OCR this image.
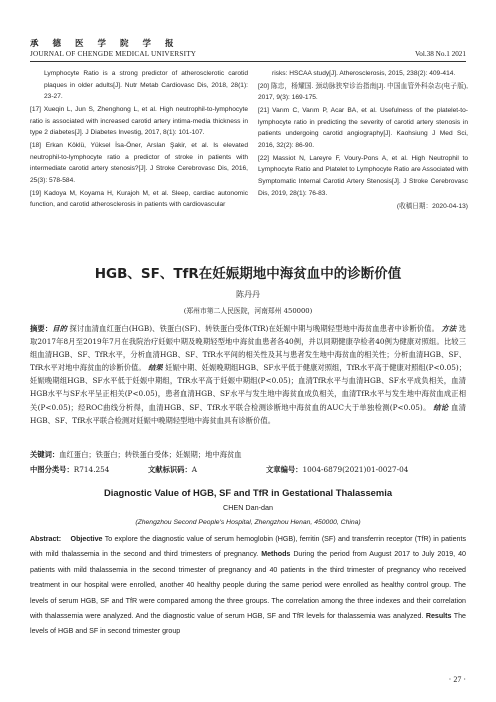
承德医学院学报
JOURNAL OF CHENGDE MEDICAL UNIVERSITY	Vol.38 No.1 2021

Lymphocyte Ratio is a strong predictor of atherosclerotic carotid plaques in older adults[J]. Nutr Metab Cardiovasc Dis, 2018, 28(1): 23-27.

[17] Xueqin L, Jun S, Zhenghong L, et al. High neutrophil-to-lymphocyte ratio is associated with increased carotid artery intima-media thickness in type 2 diabetes[J]. J Diabetes Investig, 2017, 8(1): 101-107.

[18] Erkan Köklü, Yüksel İsa-Öner, Arslan Şakir, et al. Is elevated neutrophil-to-lymphocyte ratio a predictor of stroke in patients with intermediate carotid artery stenosis?[J]. J Stroke Cerebrovasc Dis, 2016, 25(3): 578-584.

[19] Kadoya M, Koyama H, Kurajoh M, et al. Sleep, cardiac autonomic function, and carotid atherosclerosis in patients with cardiovascular

risks: HSCAA study[J]. Atherosclerosis, 2015, 238(2): 409-414.

[20] 陈忠，杨耀国. 颈动脉狭窄诊治指南[J]. 中国血管外科杂志(电子版), 2017, 9(3): 169-175.

[21] Varım C, Varım P, Acar BA, et al. Usefulness of the platelet-to-lymphocyte ratio in predicting the severity of carotid artery stenosis in patients undergoing carotid angiography[J]. Kaohsiung J Med Sci, 2016, 32(2): 86-90.

[22] Massiot N, Lareyre F, Voury-Pons A, et al. High Neutrophil to Lymphocyte Ratio and Platelet to Lymphocyte Ratio are Associated with Symptomatic Internal Carotid Artery Stenosis[J]. J Stroke Cerebrovasc Dis, 2019, 28(1): 76-83.

(收稿日期：2020-04-13)

HGB、SF、TfR在妊娠期地中海贫血中的诊断价值
陈丹丹
(郑州市第二人民医院，河南郑州 450000)
摘要：目的 探讨血清血红蛋白(HGB)、铁蛋白(SF)、转铁蛋白受体(TfR)在妊娠中期与晚期轻型地中海贫血患者中诊断价值。 方法 选取2017年8月至2019年7月在我院治疗妊娠中期及晚期轻型地中海贫血患者各40例，并以同期健康孕检者40例为健康对照组。比较三组血清HGB、SF、TfR水平，分析血清HGB、SF、TfR水平间的相关性及其与患者发生地中海贫血的相关性；分析血清HGB、SF、TfR水平对地中海贫血的诊断价值。 结果 妊娠中期、妊娠晚期组HGB、SF水平低于健康对照组，TfR水平高于健康对照组(P<0.05)；妊娠晚期组HGB、SF水平低于妊娠中期组，TfR水平高于妊娠中期组(P<0.05)；血清TfR水平与血清HGB、SF水平成负相关，血清HGB水平与SF水平呈正相关(P<0.05)，患者血清HGB、SF水平与发生地中海贫血成负相关，血清TfR水平与发生地中海贫血成正相关(P<0.05)；经ROC曲线分析得，血清HGB、SF、TfR水平联合检测诊断地中海贫血的AUC大于单独检测(P<0.05)。 结论 血清HGB、SF、TfR水平联合检测对妊娠中晚期轻型地中海贫血具有诊断价值。
关键词：血红蛋白；铁蛋白；转铁蛋白受体；妊娠期；地中海贫血
中图分类号：R714.254	文献标识码：A	文章编号：1004-6879(2021)01-0027-04
Diagnostic Value of HGB, SF and TfR in Gestational Thalassemia
CHEN Dan-dan
(Zhengzhou Second People's Hospital, Zhengzhou Henan, 450000, China)
Abstract: Objective To explore the diagnostic value of serum hemoglobin (HGB), ferritin (SF) and transferrin receptor (TfR) in patients with mild thalassemia in the second and third trimesters of pregnancy. Methods During the period from August 2017 to July 2019, 40 patients with mild thalassemia in the second trimester of pregnancy and 40 patients in the third trimester of pregnancy who received treatment in our hospital were enrolled, another 40 healthy people during the same period were enrolled as healthy control group. The levels of serum HGB, SF and TfR were compared among the three groups. The correlation among the three indexes and their correlation with thalassemia were analyzed. And the diagnostic value of serum HGB, SF and TfR levels for thalassemia was analyzed. Results The levels of HGB and SF in second trimester group
· 27 ·
